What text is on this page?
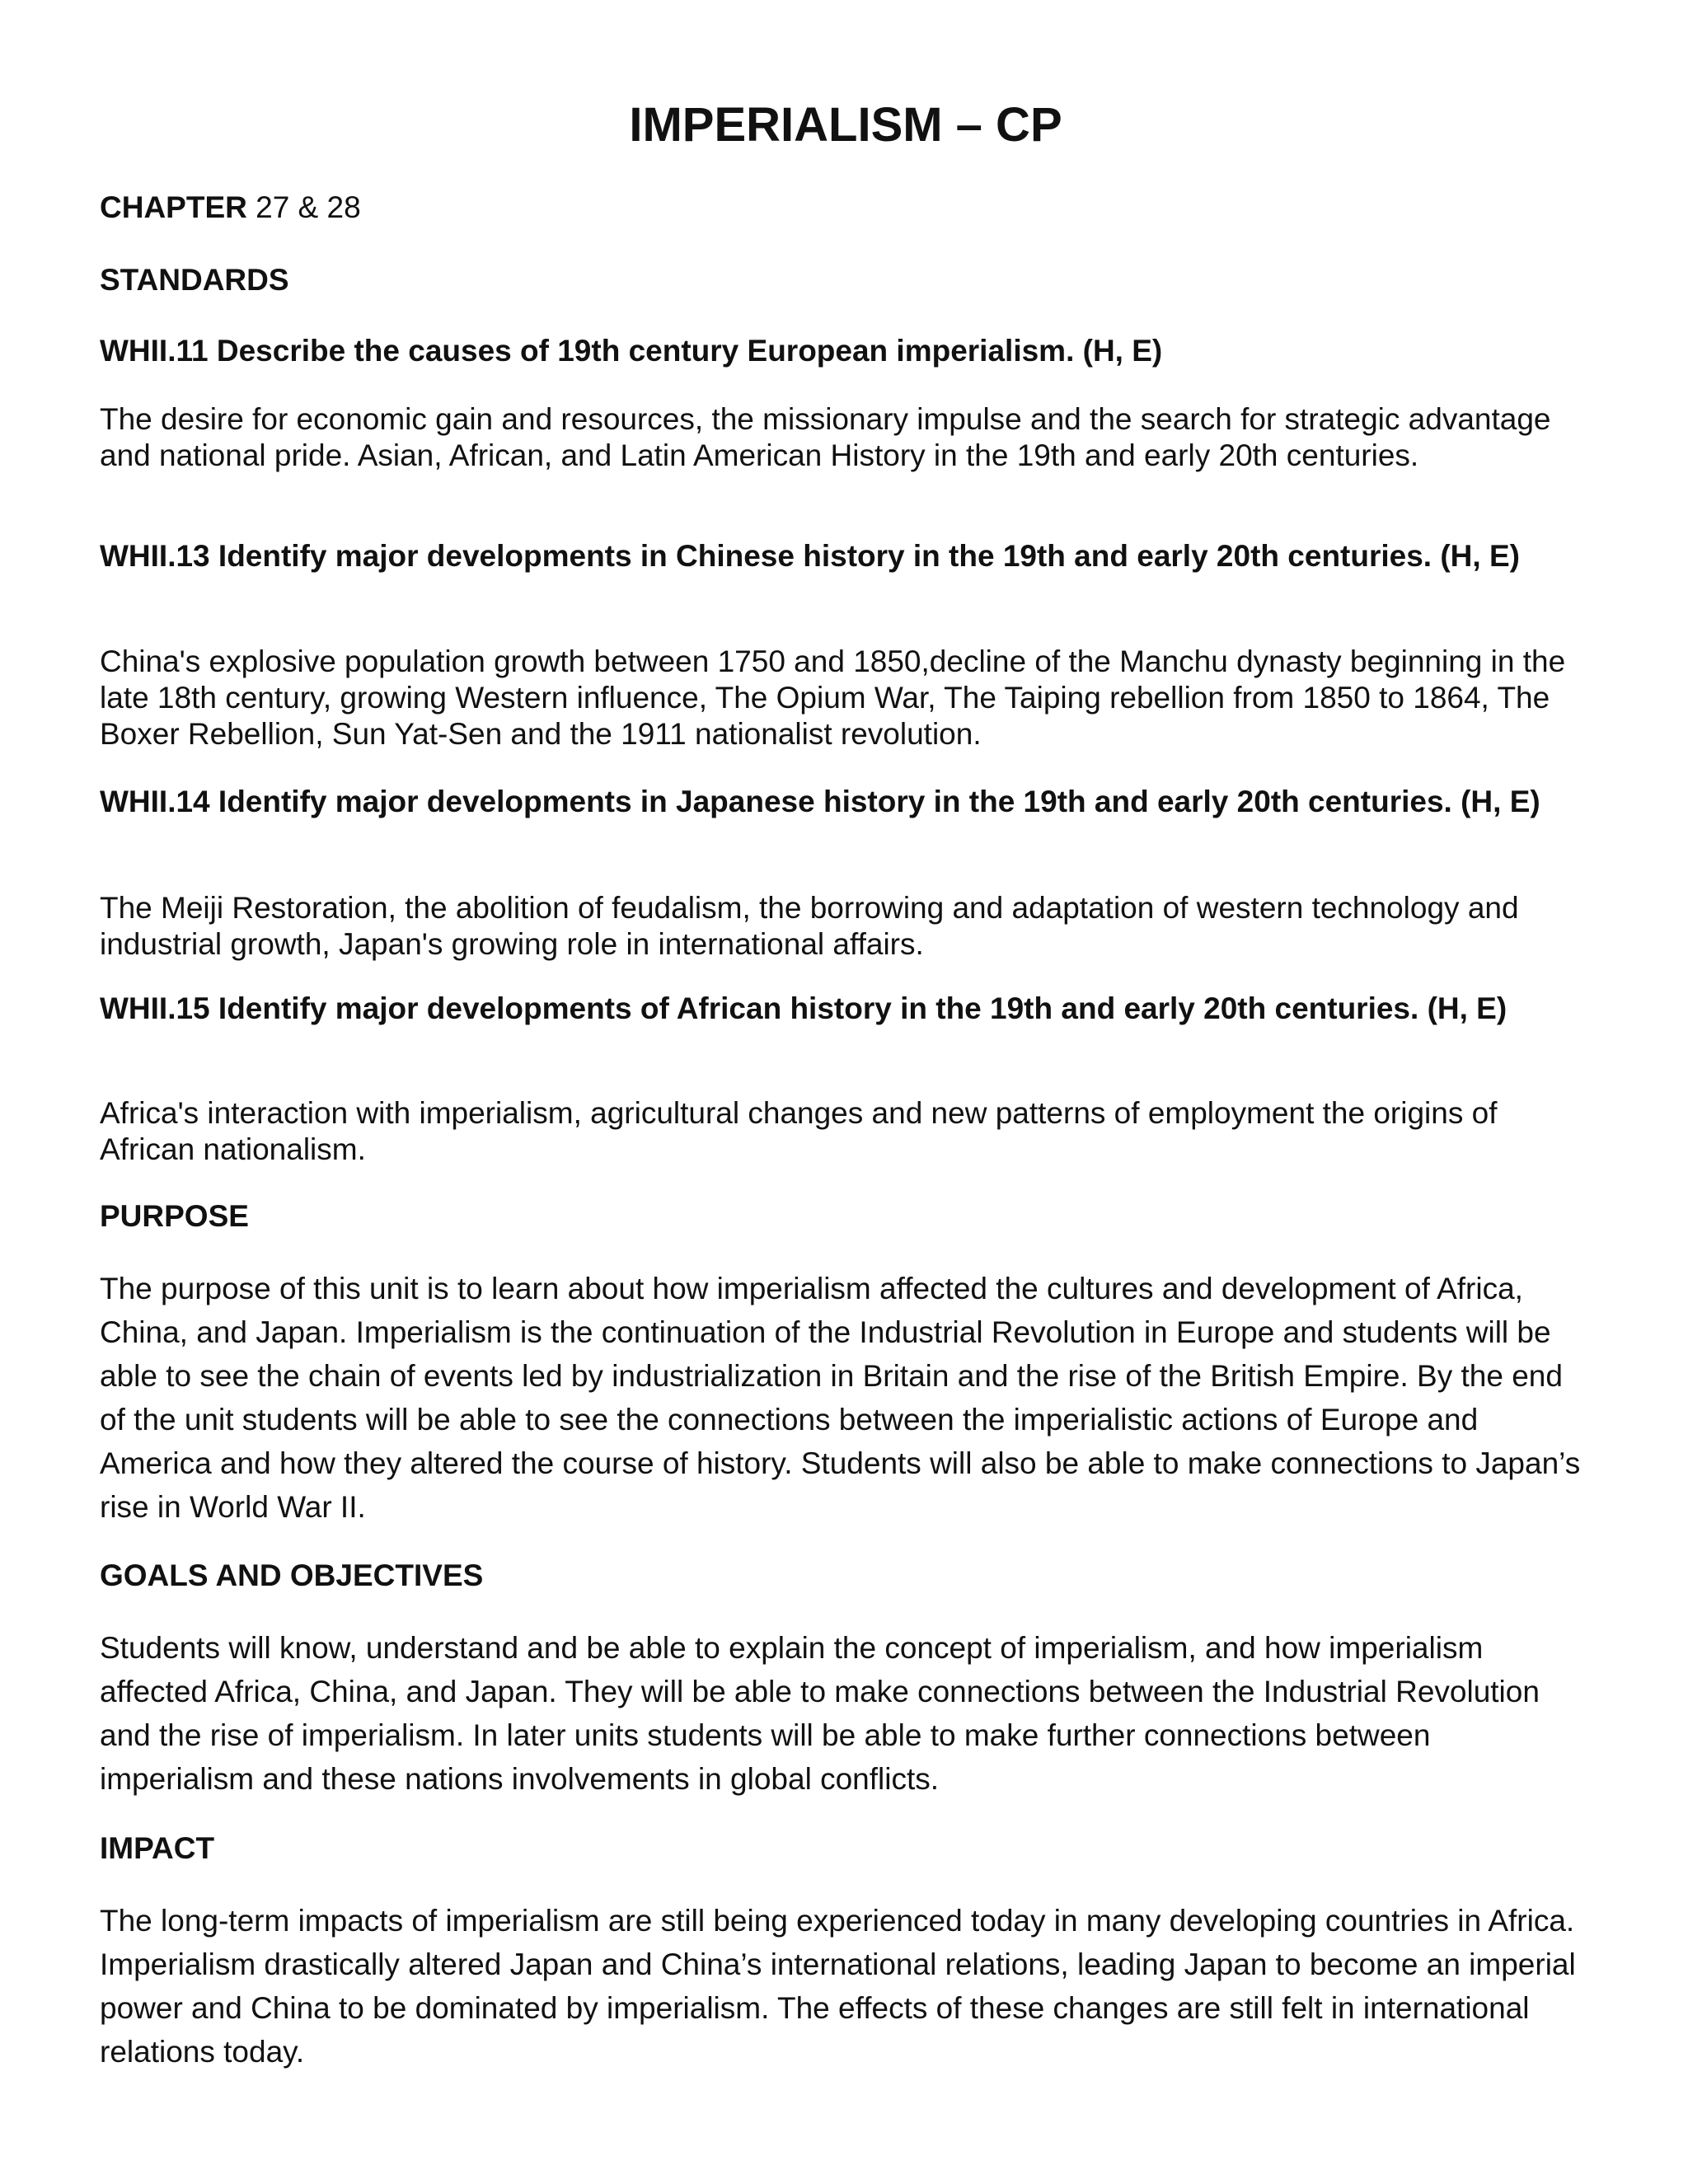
IMPERIALISM – CP

CHAPTER 27 & 28

STANDARDS

WHII.11 Describe the causes of 19th century European imperialism. (H, E)

The desire for economic gain and resources, the missionary impulse and the search for strategic advantage and national pride. Asian, African, and Latin American History in the 19th and early 20th centuries.

WHII.13 Identify major developments in Chinese history in the 19th and early 20th centuries. (H, E)

China's explosive population growth between 1750 and 1850,decline of the Manchu dynasty beginning in the late 18th century, growing Western influence, The Opium War, The Taiping rebellion from 1850 to 1864, The Boxer Rebellion, Sun Yat-Sen and the 1911 nationalist revolution.

WHII.14 Identify major developments in Japanese history in the 19th and early 20th centuries. (H, E)

The Meiji Restoration, the abolition of feudalism, the borrowing and adaptation of western technology and industrial growth, Japan's growing role in international affairs.

WHII.15 Identify major developments of African history in the 19th and early 20th centuries. (H, E)

Africa's interaction with imperialism, agricultural changes and new patterns of employment the origins of African nationalism.

PURPOSE

The purpose of this unit is to learn about how imperialism affected the cultures and development of Africa, China, and Japan. Imperialism is the continuation of the Industrial Revolution in Europe and students will be able to see the chain of events led by industrialization in Britain and the rise of the British Empire. By the end of the unit students will be able to see the connections between the imperialistic actions of Europe and America and how they altered the course of history. Students will also be able to make connections to Japan’s rise in World War II.

GOALS AND OBJECTIVES

Students will know, understand and be able to explain the concept of imperialism, and how imperialism affected Africa, China, and Japan. They will be able to make connections between the Industrial Revolution and the rise of imperialism. In later units students will be able to make further connections between imperialism and these nations involvements in global conflicts.

IMPACT

The long-term impacts of imperialism are still being experienced today in many developing countries in Africa. Imperialism drastically altered Japan and China’s international relations, leading Japan to become an imperial power and China to be dominated by imperialism. The effects of these changes are still felt in international relations today.
